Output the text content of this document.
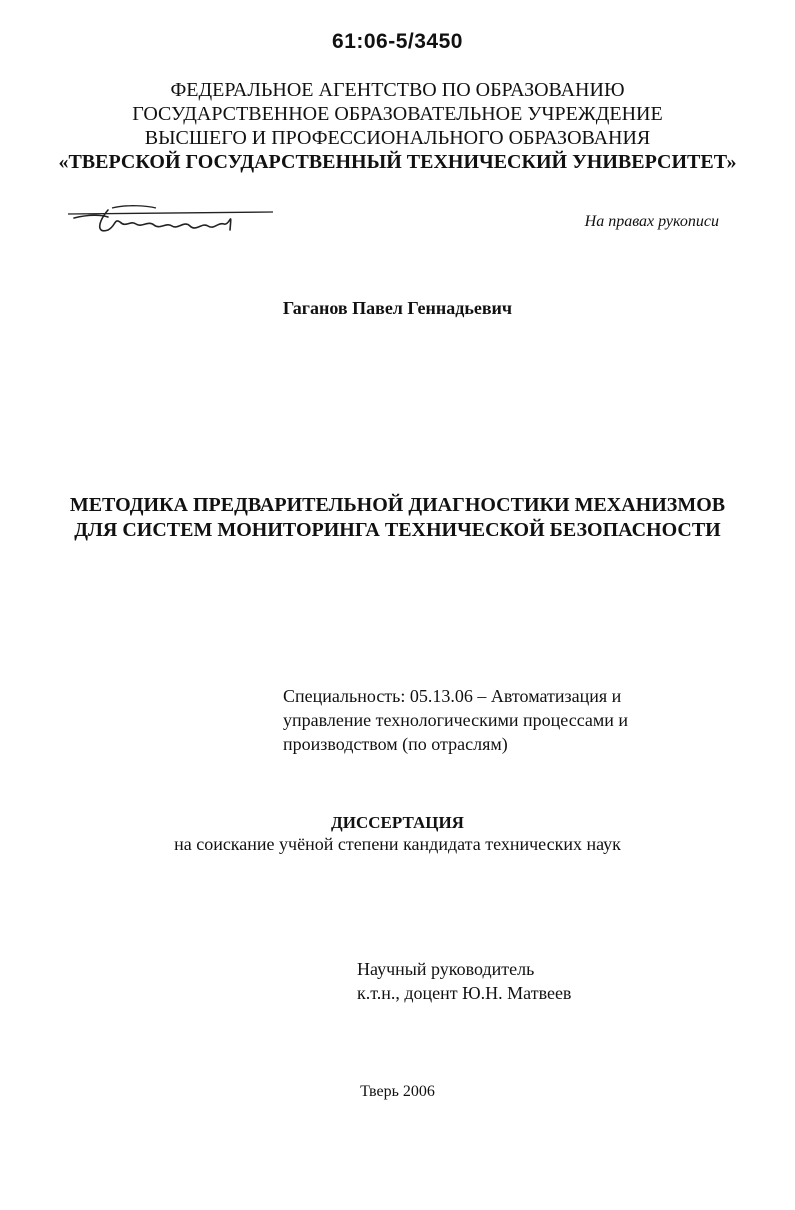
61:06-5/3450
ФЕДЕРАЛЬНОЕ АГЕНТСТВО ПО ОБРАЗОВАНИЮ
ГОСУДАРСТВЕННОЕ ОБРАЗОВАТЕЛЬНОЕ УЧРЕЖДЕНИЕ
ВЫСШЕГО И ПРОФЕССИОНАЛЬНОГО ОБРАЗОВАНИЯ
«ТВЕРСКОЙ ГОСУДАРСТВЕННЫЙ ТЕХНИЧЕСКИЙ УНИВЕРСИТЕТ»
На правах рукописи
Гаганов Павел Геннадьевич
МЕТОДИКА ПРЕДВАРИТЕЛЬНОЙ ДИАГНОСТИКИ МЕХАНИЗМОВ
ДЛЯ СИСТЕМ МОНИТОРИНГА ТЕХНИЧЕСКОЙ БЕЗОПАСНОСТИ
Специальность: 05.13.06 – Автоматизация и
управление технологическими процессами и
производством (по отраслям)
ДИССЕРТАЦИЯ
на соискание учёной степени кандидата технических наук
Научный руководитель
к.т.н., доцент Ю.Н. Матвеев
Тверь 2006
